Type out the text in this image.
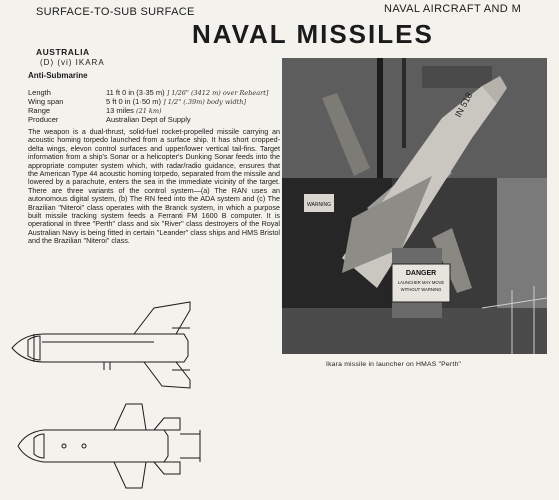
SURFACE-TO-SUB SURFACE	NAVAL AIRCRAFT AND M
NAVAL MISSILES
AUSTRALIA
(D) (vi) IKARA
Anti-Submarine
Length	11 ft 0 in (3·35 m) ] 1/26" (3412 m) over Rebeart]
Wing span	5 ft 0 in (1·50 m) ] 1/2" (.39m) body width]
Range	13 miles (21 km)
Producer	Australian Dept of Supply

The weapon is a dual-thrust, solid-fuel rocket-propelled missile carrying an acoustic homing torpedo launched from a surface ship. It has short cropped-delta wings, elevon control surfaces and upper/lower vertical tail-fins. Target information from a ship's Sonar or a helicopter's Dunking Sonar feeds into the appropriate computer system which, with radar/radio guidance, ensures that the American Type 44 acoustic homing torpedo, separated from the missile and lowered by a parachute, enters the sea in the immediate vicinity of the target. There are three variants of the control system—(a) The RAN uses an autonomous digital system, (b) The RN feed into the ADA system and (c) The Brazilian "Niteroi" class operates with the Branck system, in which a purpose built missile tracking system feeds a Ferranti FM 1600 B computer. It is operational in three "Perth" class and six "River" class destroyers of the Royal Australian Navy is being fitted in certain "Leander" class ships and HMS Bristol and the Brazilian "Niteroi" class.

WARNING
IN 518
DANGER
LAUNCHER MAY MOVE
WITHOUT WARNING
Ikara missile in launcher on HMAS "Perth"
